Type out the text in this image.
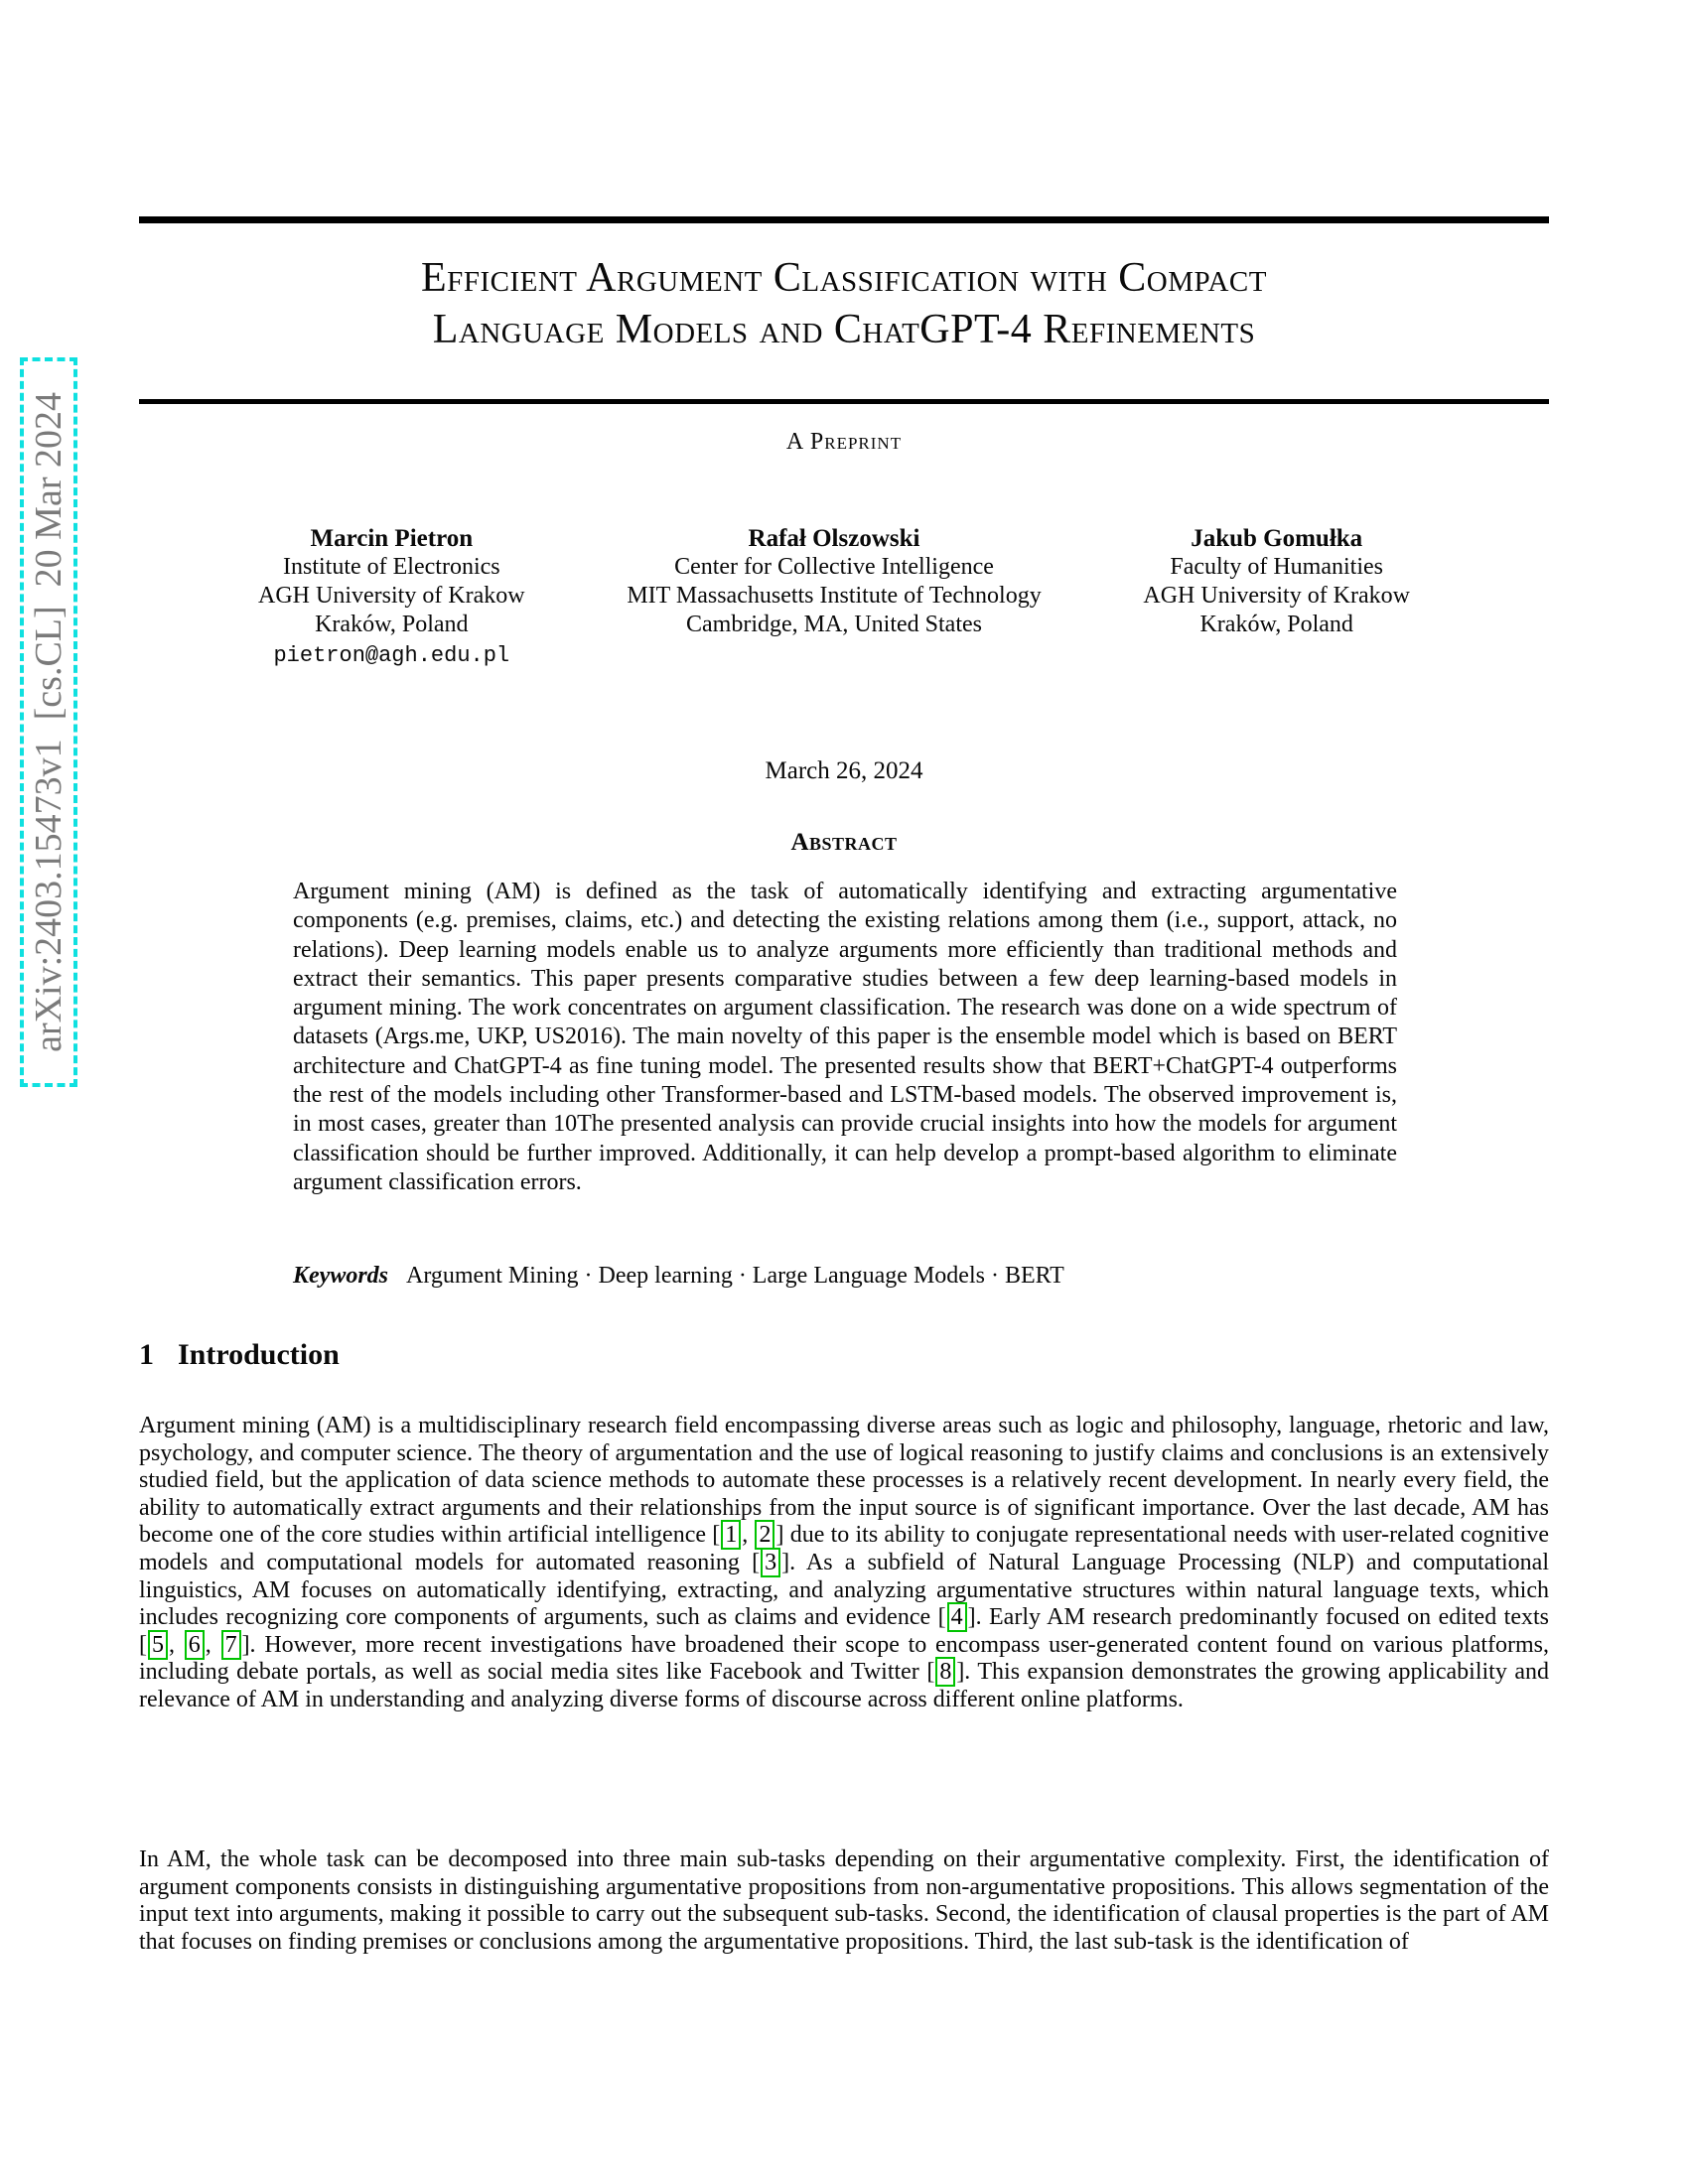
arXiv:2403.15473v1  [cs.CL]  20 Mar 2024
Efficient Argument Classification with Compact
Language Models and ChatGPT-4 Refinements
A Preprint
Marcin Pietron
Institute of Electronics
AGH University of Krakow
Kraków, Poland
pietron@agh.edu.pl
Rafał Olszowski
Center for Collective Intelligence
MIT Massachusetts Institute of Technology
Cambridge, MA, United States
Jakub Gomułka
Faculty of Humanities
AGH University of Krakow
Kraków, Poland
March 26, 2024
Abstract
Argument mining (AM) is defined as the task of automatically identifying and extracting argumentative components (e.g. premises, claims, etc.) and detecting the existing relations among them (i.e., support, attack, no relations). Deep learning models enable us to analyze arguments more efficiently than traditional methods and extract their semantics. This paper presents comparative studies between a few deep learning-based models in argument mining. The work concentrates on argument classification. The research was done on a wide spectrum of datasets (Args.me, UKP, US2016). The main novelty of this paper is the ensemble model which is based on BERT architecture and ChatGPT-4 as fine tuning model. The presented results show that BERT+ChatGPT-4 outperforms the rest of the models including other Transformer-based and LSTM-based models. The observed improvement is, in most cases, greater than 10The presented analysis can provide crucial insights into how the models for argument classification should be further improved. Additionally, it can help develop a prompt-based algorithm to eliminate argument classification errors.
Keywords Argument Mining · Deep learning · Large Language Models · BERT
1 Introduction
Argument mining (AM) is a multidisciplinary research field encompassing diverse areas such as logic and philosophy, language, rhetoric and law, psychology, and computer science. The theory of argumentation and the use of logical reasoning to justify claims and conclusions is an extensively studied field, but the application of data science methods to automate these processes is a relatively recent development. In nearly every field, the ability to automatically extract arguments and their relationships from the input source is of significant importance. Over the last decade, AM has become one of the core studies within artificial intelligence [ 1 , 2 ] due to its ability to conjugate representational needs with user-related cognitive models and computational models for automated reasoning [ 3 ]. As a subfield of Natural Language Processing (NLP) and computational linguistics, AM focuses on automatically identifying, extracting, and analyzing argumentative structures within natural language texts, which includes recognizing core components of arguments, such as claims and evidence [ 4 ]. Early AM research predominantly focused on edited texts [ 5 , 6 , 7 ]. However, more recent investigations have broadened their scope to encompass user-generated content found on various platforms, including debate portals, as well as social media sites like Facebook and Twitter [ 8 ]. This expansion demonstrates the growing applicability and relevance of AM in understanding and analyzing diverse forms of discourse across different online platforms.
In AM, the whole task can be decomposed into three main sub-tasks depending on their argumentative complexity. First, the identification of argument components consists in distinguishing argumentative propositions from non-argumentative propositions. This allows segmentation of the input text into arguments, making it possible to carry out the subsequent sub-tasks. Second, the identification of clausal properties is the part of AM that focuses on finding premises or conclusions among the argumentative propositions. Third, the last sub-task is the identification of
